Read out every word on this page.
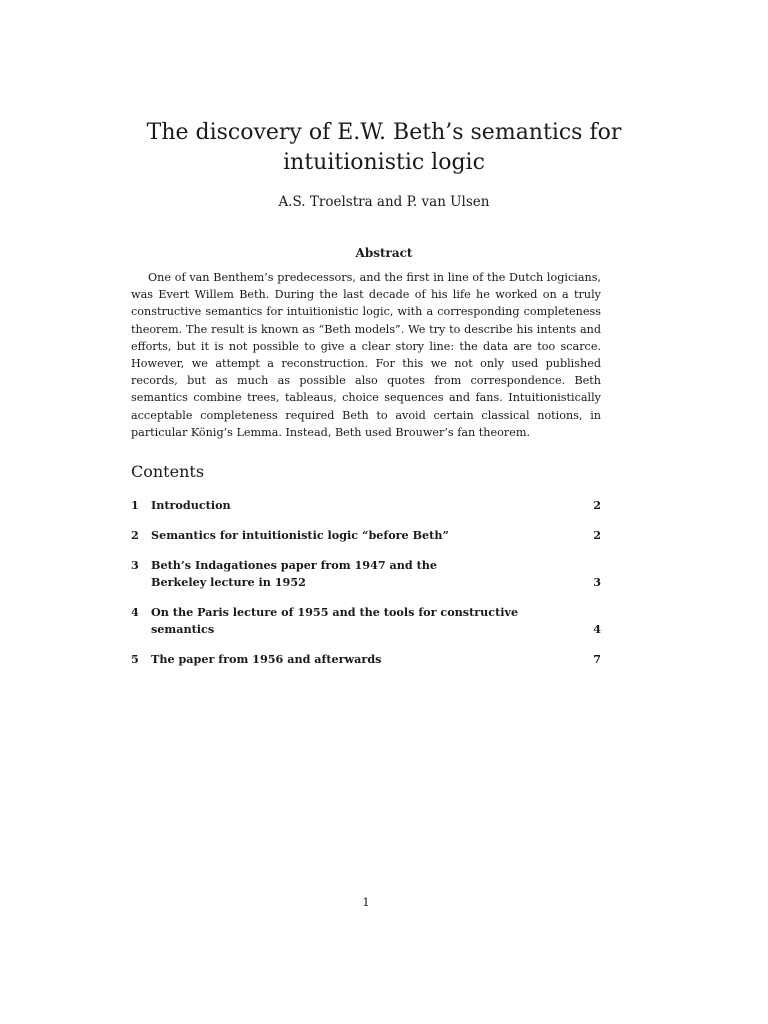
The discovery of E.W. Beth’s semantics for
intuitionistic logic
A.S. Troelstra and P. van Ulsen
Abstract

One of van Benthem’s predecessors, and the first in line of the Dutch logicians, was Evert Willem Beth. During the last decade of his life he worked on a truly constructive semantics for intuitionistic logic, with a corresponding completeness theorem. The result is known as “Beth models”. We try to describe his intents and efforts, but it is not possible to give a clear story line: the data are too scarce. However, we attempt a reconstruction. For this we not only used published records, but as much as possible also quotes from correspondence. Beth semantics combine trees, tableaus, choice sequences and fans. Intuitionistically acceptable completeness required Beth to avoid certain classical notions, in particular König’s Lemma. Instead, Beth used Brouwer’s fan theorem.

Contents
1 Introduction	2
2 Semantics for intuitionistic logic “before Beth”	2
3 Beth’s Indagationes paper from 1947 and the
Berkeley lecture in 1952	3
4 On the Paris lecture of 1955 and the tools for constructive
semantics	4
5 The paper from 1956 and afterwards	7
1
